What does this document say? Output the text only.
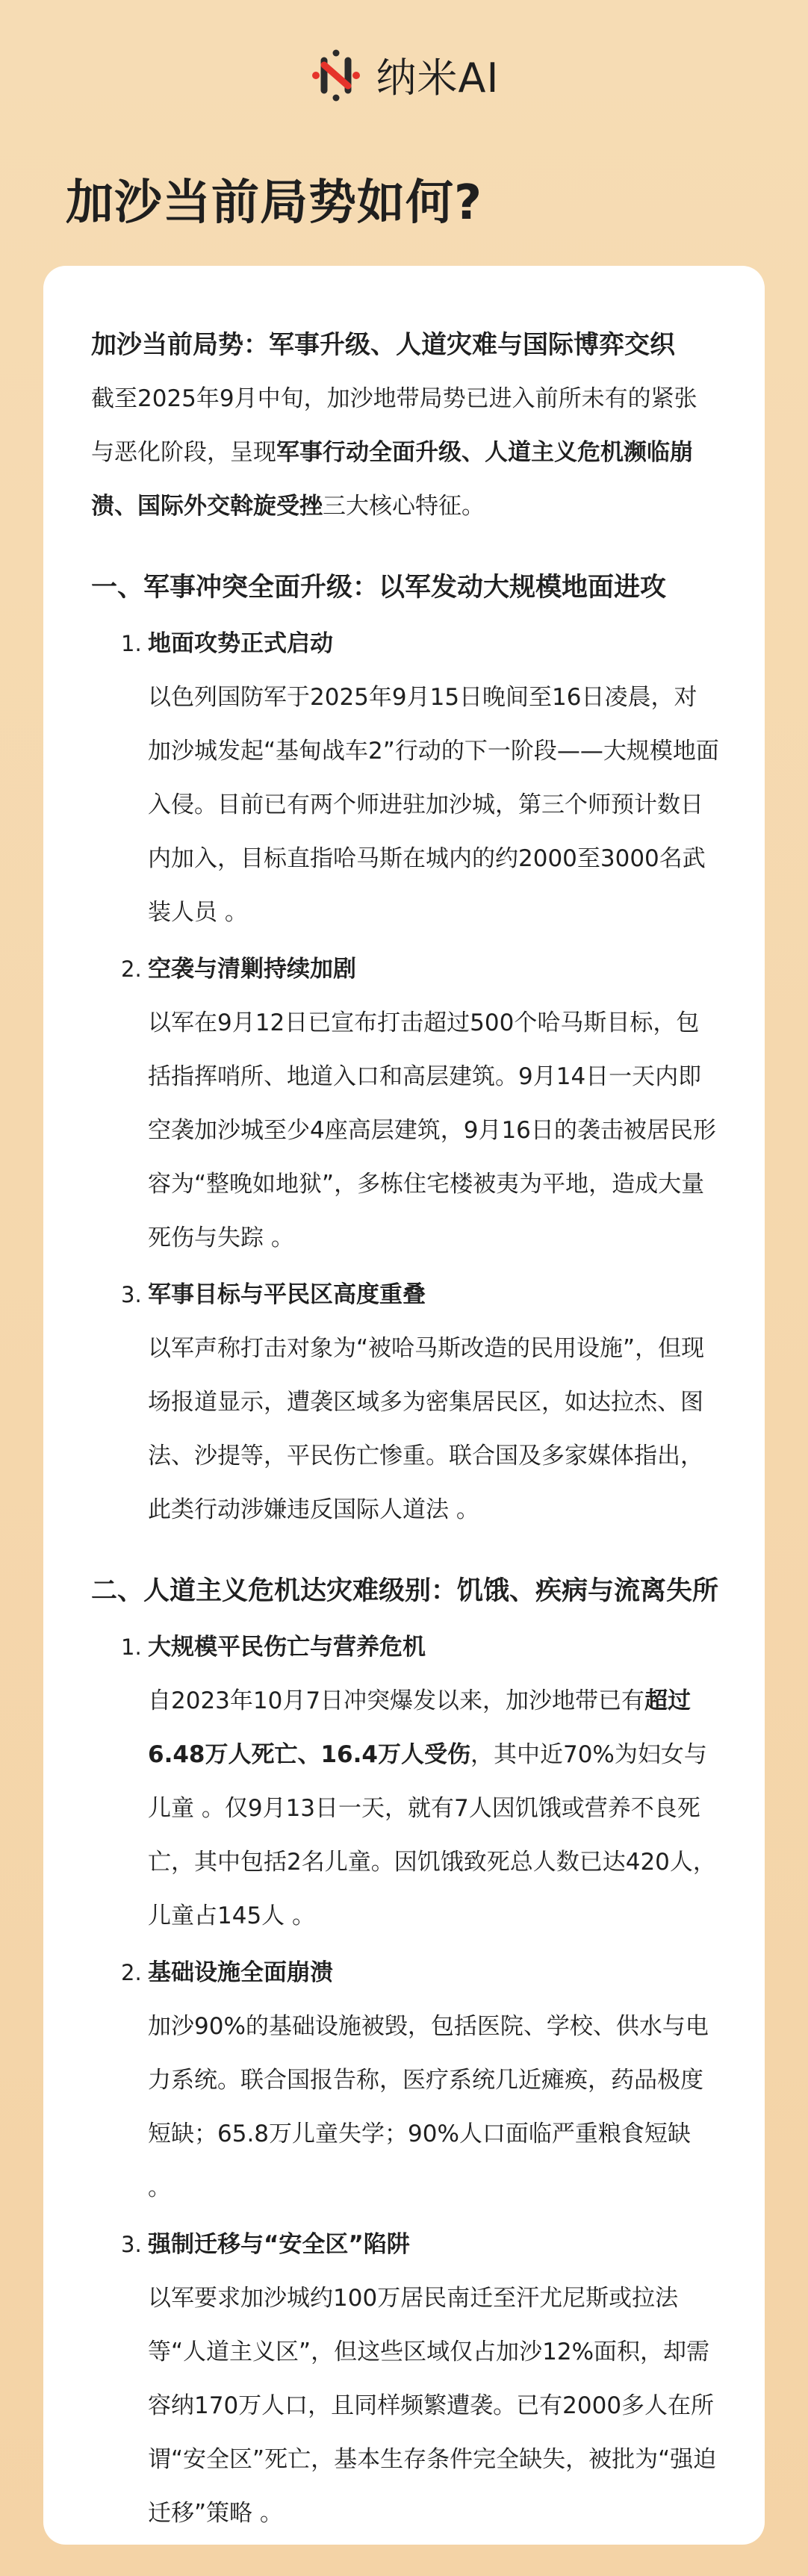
纳米AI
加沙当前局势如何?

加沙当前局势：军事升级、人道灾难与国际博弈交织

截至2025年9月中旬，加沙地带局势已进入前所未有的紧张与恶化阶段，呈现军事行动全面升级、人道主义危机濒临崩溃、国际外交斡旋受挫三大核心特征。

一、军事冲突全面升级：以军发动大规模地面进攻

1. 地面攻势正式启动

以色列国防军于2025年9月15日晚间至16日凌晨，对加沙城发起“基甸战车2”行动的下一阶段——大规模地面入侵。目前已有两个师进驻加沙城，第三个师预计数日内加入，目标直指哈马斯在城内的约2000至3000名武装人员 。

2. 空袭与清剿持续加剧

以军在9月12日已宣布打击超过500个哈马斯目标，包括指挥哨所、地道入口和高层建筑。9月14日一天内即空袭加沙城至少4座高层建筑，9月16日的袭击被居民形容为“整晚如地狱”，多栋住宅楼被夷为平地，造成大量死伤与失踪 。

3. 军事目标与平民区高度重叠

以军声称打击对象为“被哈马斯改造的民用设施”，但现场报道显示，遭袭区域多为密集居民区，如达拉杰、图法、沙提等，平民伤亡惨重。联合国及多家媒体指出，此类行动涉嫌违反国际人道法 。

二、人道主义危机达灾难级别：饥饿、疾病与流离失所

1. 大规模平民伤亡与营养危机

自2023年10月7日冲突爆发以来，加沙地带已有超过6.48万人死亡、16.4万人受伤，其中近70%为妇女与儿童 。仅9月13日一天，就有7人因饥饿或营养不良死亡，其中包括2名儿童。因饥饿致死总人数已达420人，儿童占145人 。

2. 基础设施全面崩溃

加沙90%的基础设施被毁，包括医院、学校、供水与电力系统。联合国报告称，医疗系统几近瘫痪，药品极度短缺；65.8万儿童失学；90%人口面临严重粮食短缺 。

3. 强制迁移与“安全区”陷阱

以军要求加沙城约100万居民南迁至汗尤尼斯或拉法等“人道主义区”，但这些区域仅占加沙12%面积，却需容纳170万人口，且同样频繁遭袭。已有2000多人在所谓“安全区”死亡，基本生存条件完全缺失，被批为“强迫迁移”策略 。
